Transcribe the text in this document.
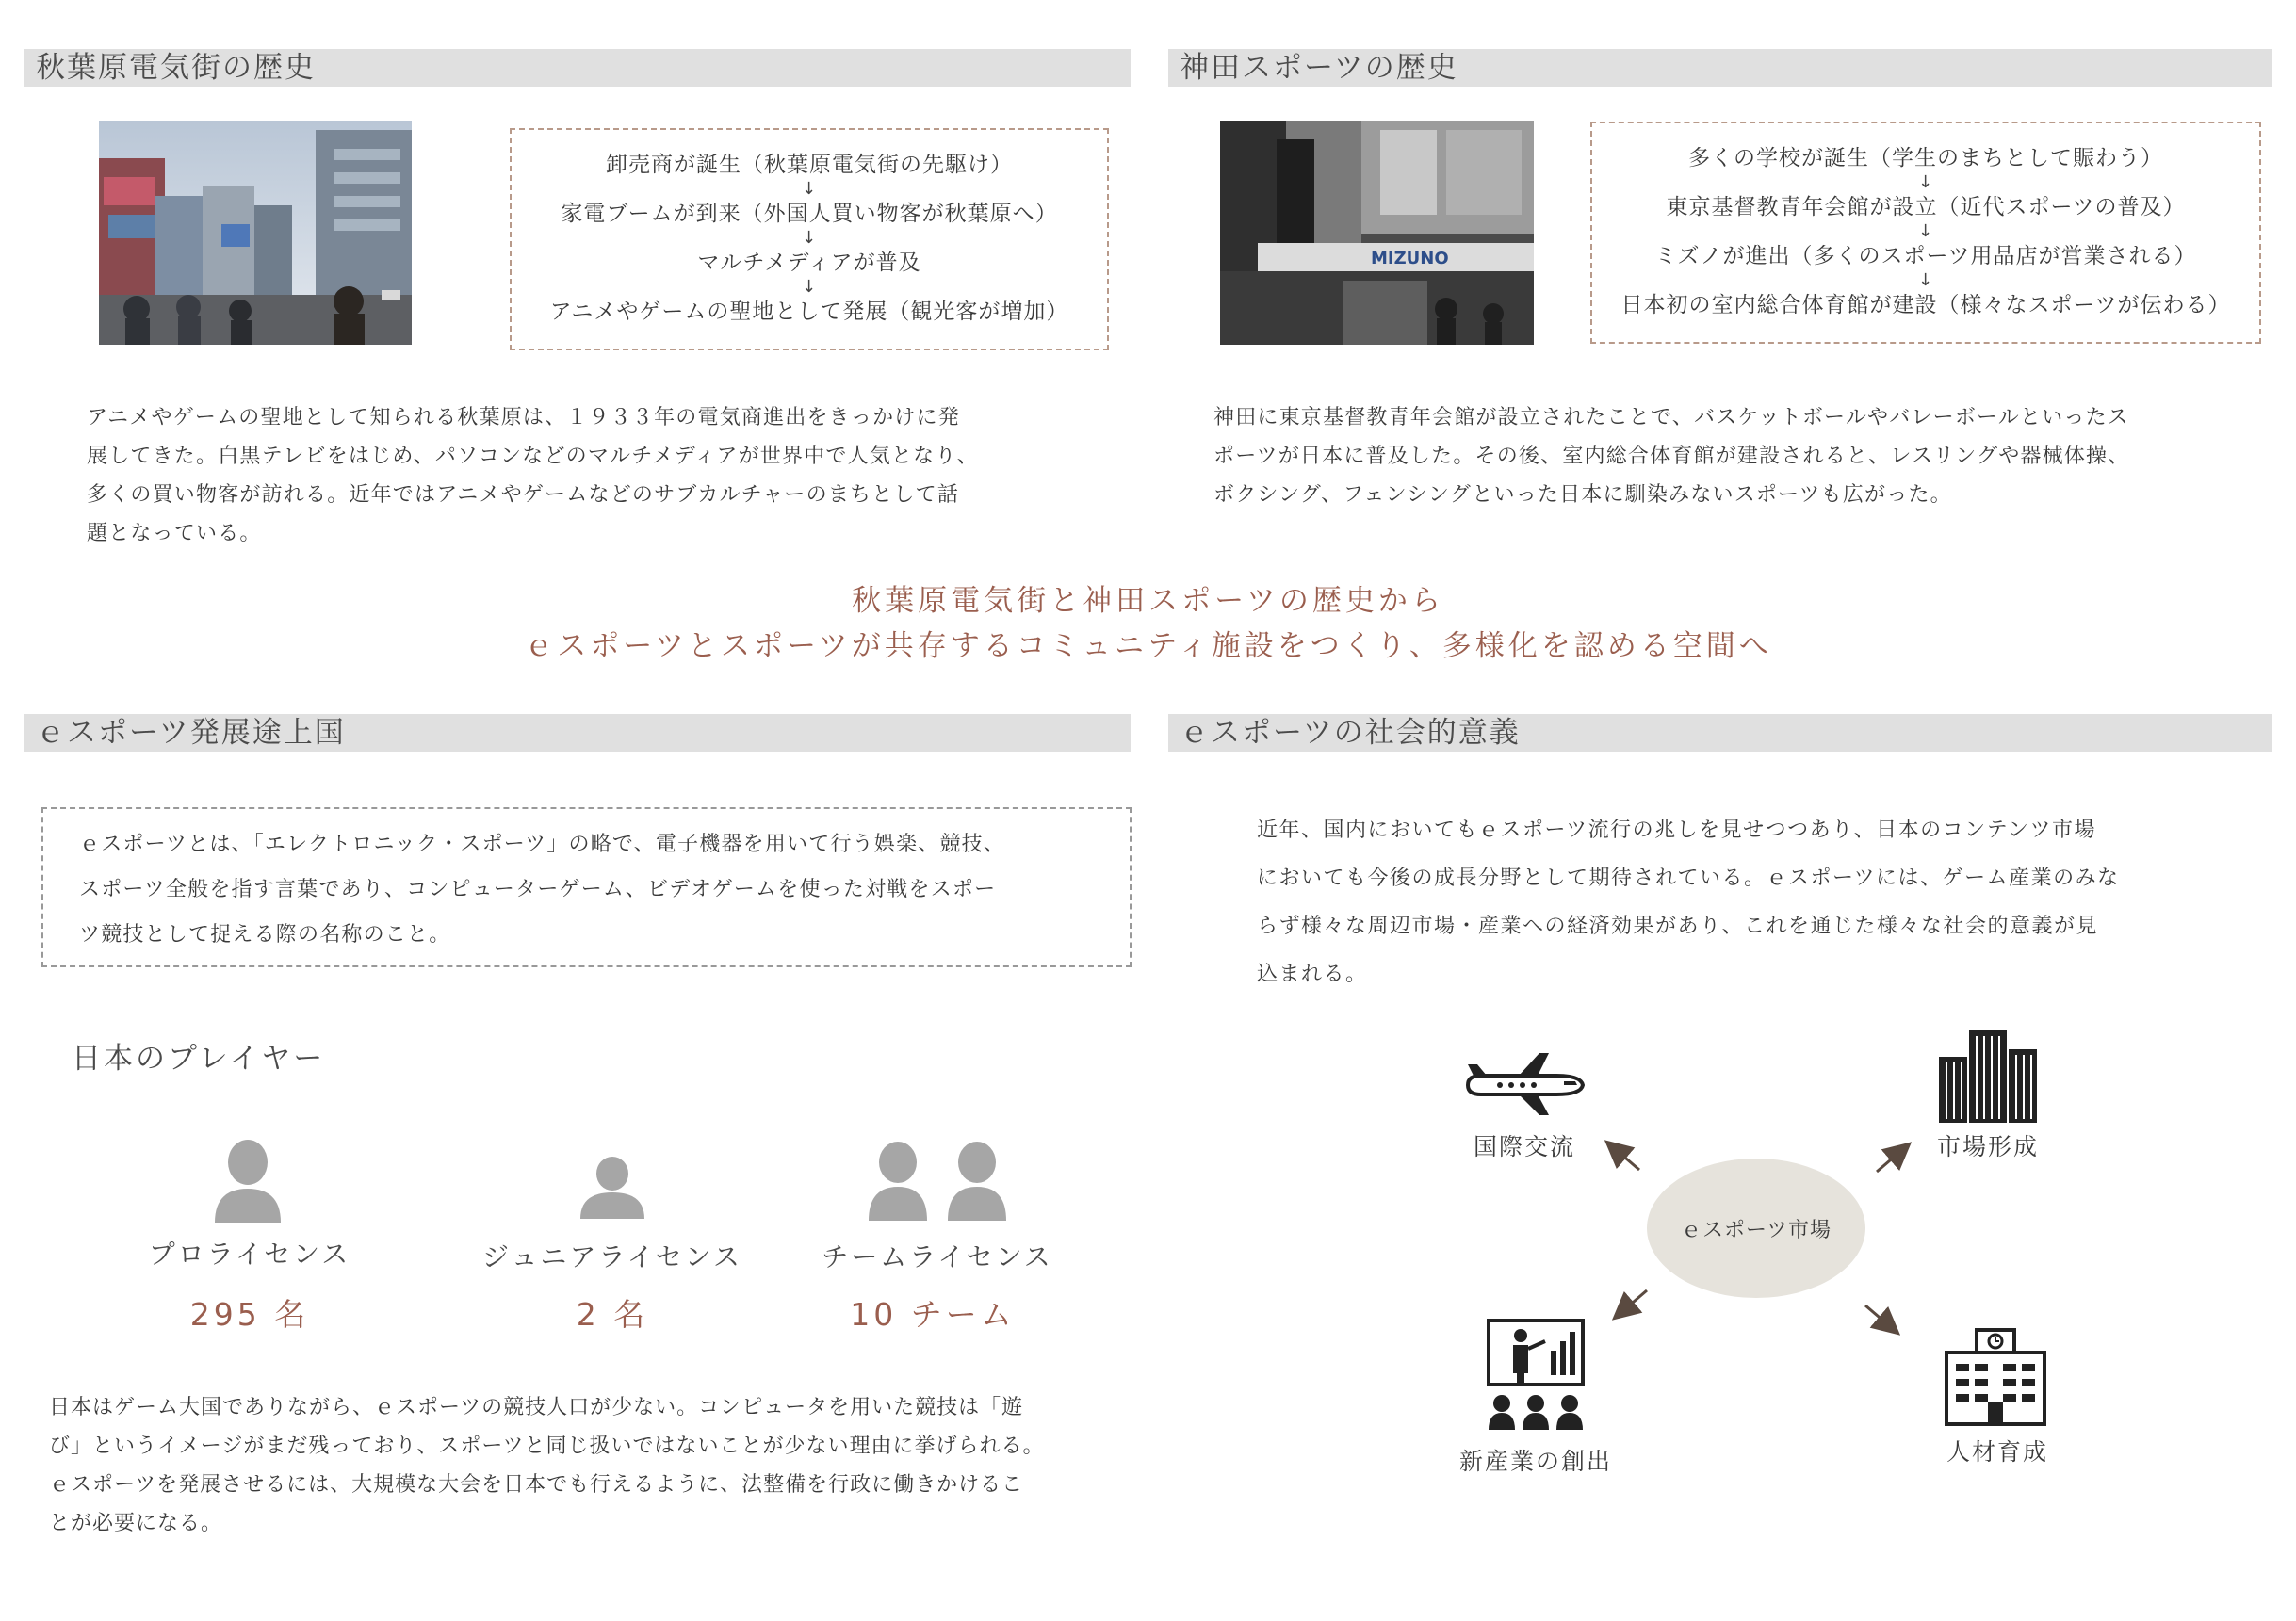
秋葉原電気街の歴史
卸売商が誕生（秋葉原電気街の先駆け）
↓
家電ブームが到来（外国人買い物客が秋葉原へ）
↓
マルチメディアが普及
↓
アニメやゲームの聖地として発展（観光客が増加）
アニメやゲームの聖地として知られる秋葉原は、１９３３年の電気商進出をきっかけに発
展してきた。白黒テレビをはじめ、パソコンなどのマルチメディアが世界中で人気となり、
多くの買い物客が訪れる。近年ではアニメやゲームなどのサブカルチャーのまちとして話
題となっている。
神田スポーツの歴史
MIZUNO
多くの学校が誕生（学生のまちとして賑わう）
↓
東京基督教青年会館が設立（近代スポーツの普及）
↓
ミズノが進出（多くのスポーツ用品店が営業される）
↓
日本初の室内総合体育館が建設（様々なスポーツが伝わる）
神田に東京基督教青年会館が設立されたことで、バスケットボールやバレーボールといったス
ポーツが日本に普及した。その後、室内総合体育館が建設されると、レスリングや器械体操、
ボクシング、フェンシングといった日本に馴染みないスポーツも広がった。
秋葉原電気街と神田スポーツの歴史から
ｅスポーツとスポーツが共存するコミュニティ施設をつくり、多様化を認める空間へ
ｅスポーツ発展途上国
ｅスポーツとは、「エレクトロニック・スポーツ」の略で、電子機器を用いて行う娯楽、競技、
スポーツ全般を指す言葉であり、コンピューターゲーム、ビデオゲームを使った対戦をスポー
ツ競技として捉える際の名称のこと。
日本のプレイヤー
プロライセンス	ジュニアライセンス	チームライセンス
295 名	2 名	10 チーム
日本はゲーム大国でありながら、ｅスポーツの競技人口が少ない。コンピュータを用いた競技は「遊
び」というイメージがまだ残っており、スポーツと同じ扱いではないことが少ない理由に挙げられる。
ｅスポーツを発展させるには、大規模な大会を日本でも行えるように、法整備を行政に働きかけるこ
とが必要になる。
ｅスポーツの社会的意義
近年、国内においてもｅスポーツ流行の兆しを見せつつあり、日本のコンテンツ市場
においても今後の成長分野として期待されている。ｅスポーツには、ゲーム産業のみな
らず様々な周辺市場・産業への経済効果があり、これを通じた様々な社会的意義が見
込まれる。
ｅスポーツ市場
国際交流	市場形成
新産業の創出	人材育成
